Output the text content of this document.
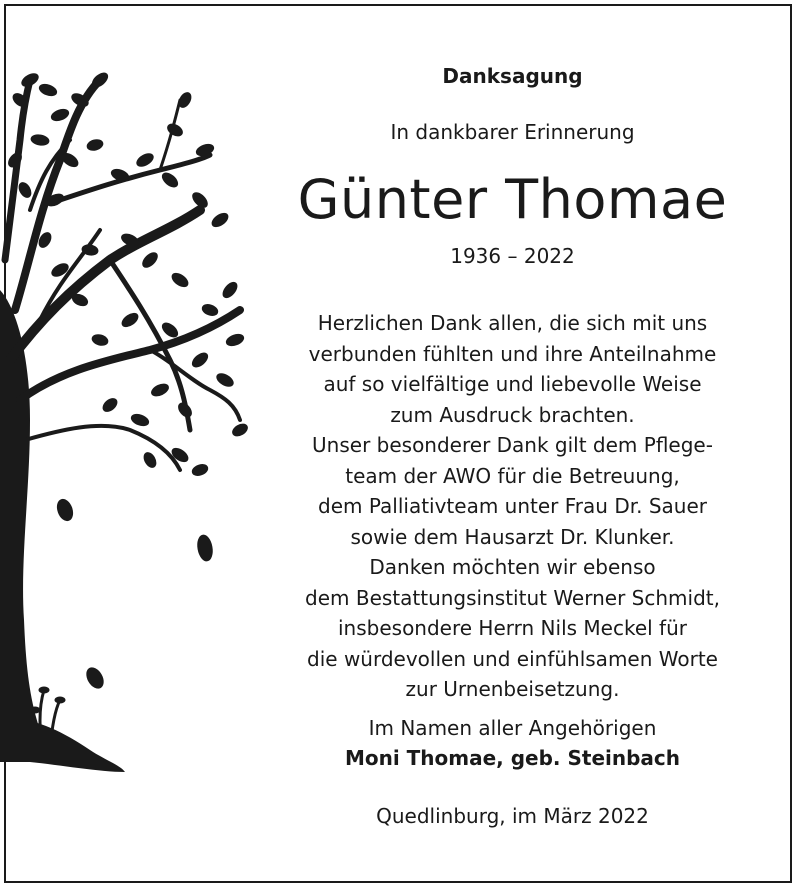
Danksagung
In dankbarer Erinnerung
Günter Thomae
1936 – 2022
Herzlichen Dank allen, die sich mit uns
verbunden fühlten und ihre Anteilnahme
auf so vielfältige und liebevolle Weise
zum Ausdruck brachten.
Unser besonderer Dank gilt dem Pflege-
team der AWO für die Betreuung,
dem Palliativteam unter Frau Dr. Sauer
sowie dem Hausarzt Dr. Klunker.
Danken möchten wir ebenso
dem Bestattungsinstitut Werner Schmidt,
insbesondere Herrn Nils Meckel für
die würdevollen und einfühlsamen Worte
zur Urnenbeisetzung.
Im Namen aller Angehörigen
Moni Thomae, geb. Steinbach
Quedlinburg, im März 2022
